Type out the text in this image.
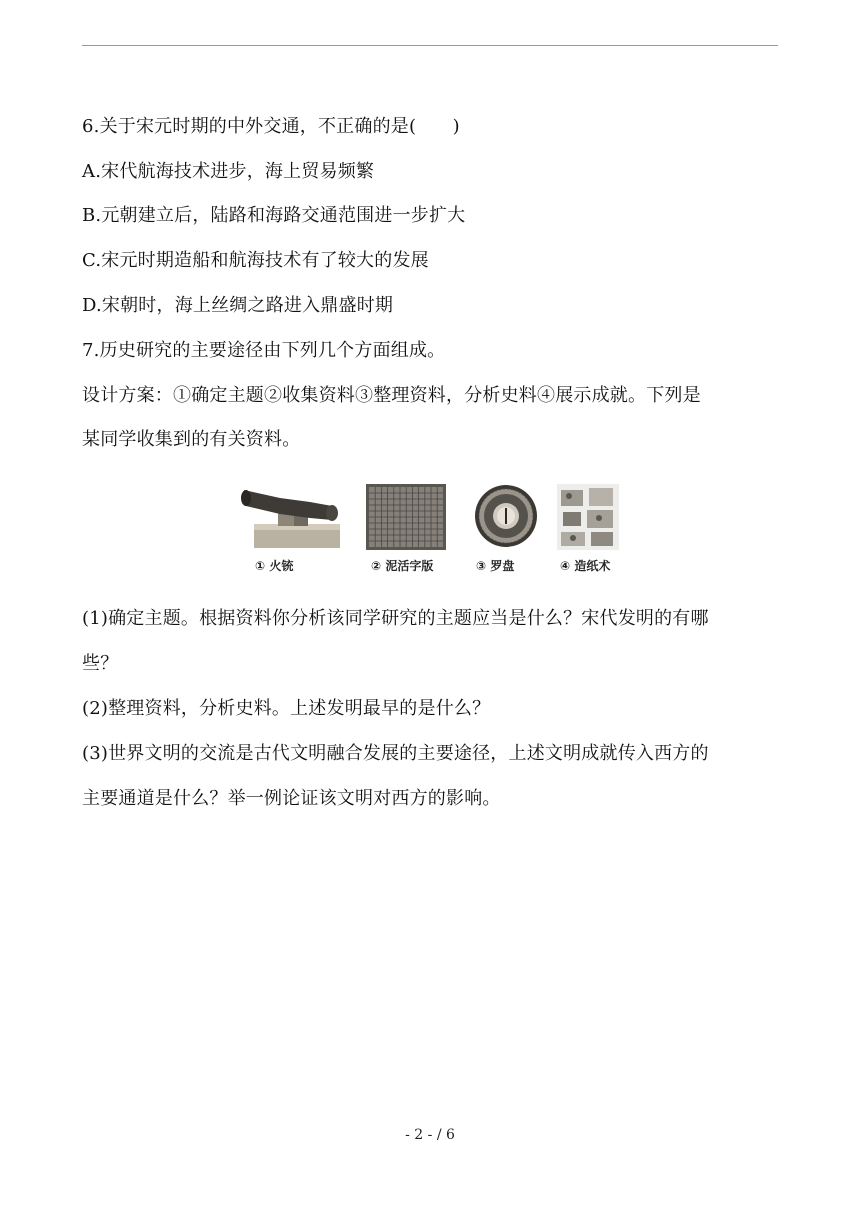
6.关于宋元时期的中外交通，不正确的是(　　)
A.宋代航海技术进步，海上贸易频繁
B.元朝建立后，陆路和海路交通范围进一步扩大
C.宋元时期造船和航海技术有了较大的发展
D.宋朝时，海上丝绸之路进入鼎盛时期
7.历史研究的主要途径由下列几个方面组成。
设计方案：①确定主题②收集资料③整理资料，分析史料④展示成就。下列是
某同学收集到的有关资料。
① 火铳	② 泥活字版	③ 罗盘	④ 造纸术
(1)确定主题。根据资料你分析该同学研究的主题应当是什么？宋代发明的有哪
些？
(2)整理资料，分析史料。上述发明最早的是什么？
(3)世界文明的交流是古代文明融合发展的主要途径，上述文明成就传入西方的
主要通道是什么？举一例论证该文明对西方的影响。
- 2 - / 6
